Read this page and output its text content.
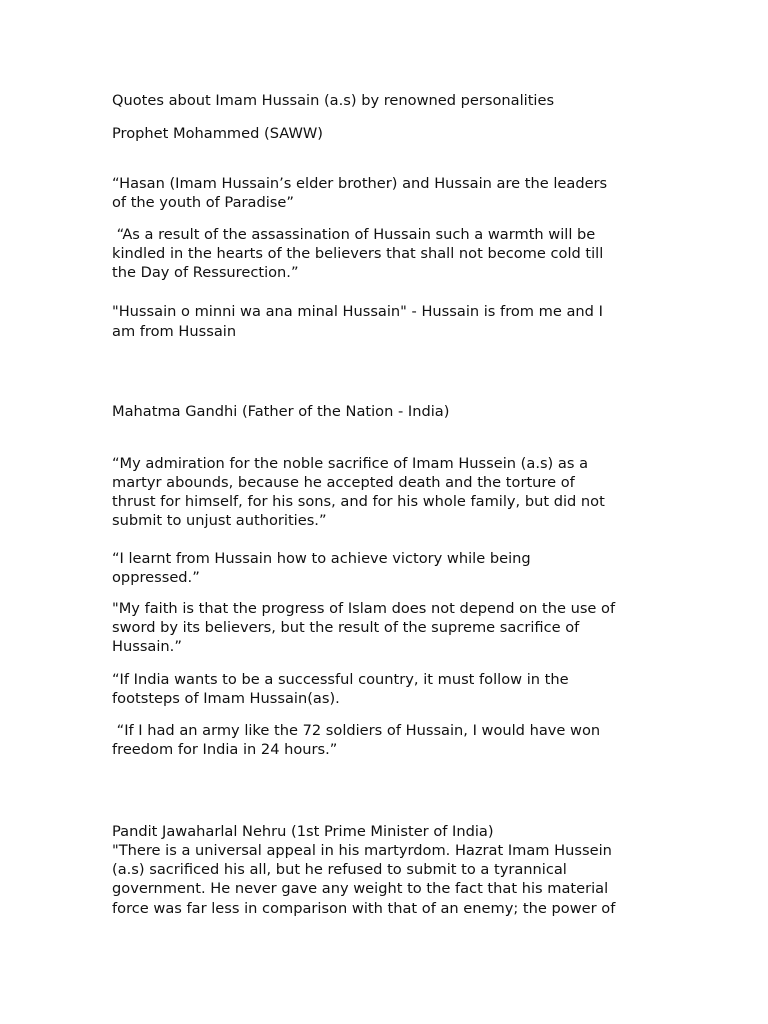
Quotes about Imam Hussain (a.s) by renowned personalities

Prophet Mohammed (SAWW)

“Hasan (Imam Hussain’s elder brother) and Hussain are the leaders

of the youth of Paradise”

“As a result of the assassination of Hussain such a warmth will be

kindled in the hearts of the believers that shall not become cold till

the Day of Ressurection.”

"Hussain o minni wa ana minal Hussain" - Hussain is from me and I

am from Hussain

Mahatma Gandhi (Father of the Nation - India)

“My admiration for the noble sacrifice of Imam Hussein (a.s) as a

martyr abounds, because he accepted death and the torture of

thrust for himself, for his sons, and for his whole family, but did not

submit to unjust authorities.”

“I learnt from Hussain how to achieve victory while being

oppressed.”

"My faith is that the progress of Islam does not depend on the use of

sword by its believers, but the result of the supreme sacrifice of

Hussain.”

“If India wants to be a successful country, it must follow in the

footsteps of Imam Hussain(as).

“If I had an army like the 72 soldiers of Hussain, I would have won

freedom for India in 24 hours.”

Pandit Jawaharlal Nehru (1st Prime Minister of India)

"There is a universal appeal in his martyrdom. Hazrat Imam Hussein

(a.s) sacrificed his all, but he refused to submit to a tyrannical

government. He never gave any weight to the fact that his material

force was far less in comparison with that of an enemy; the power of
